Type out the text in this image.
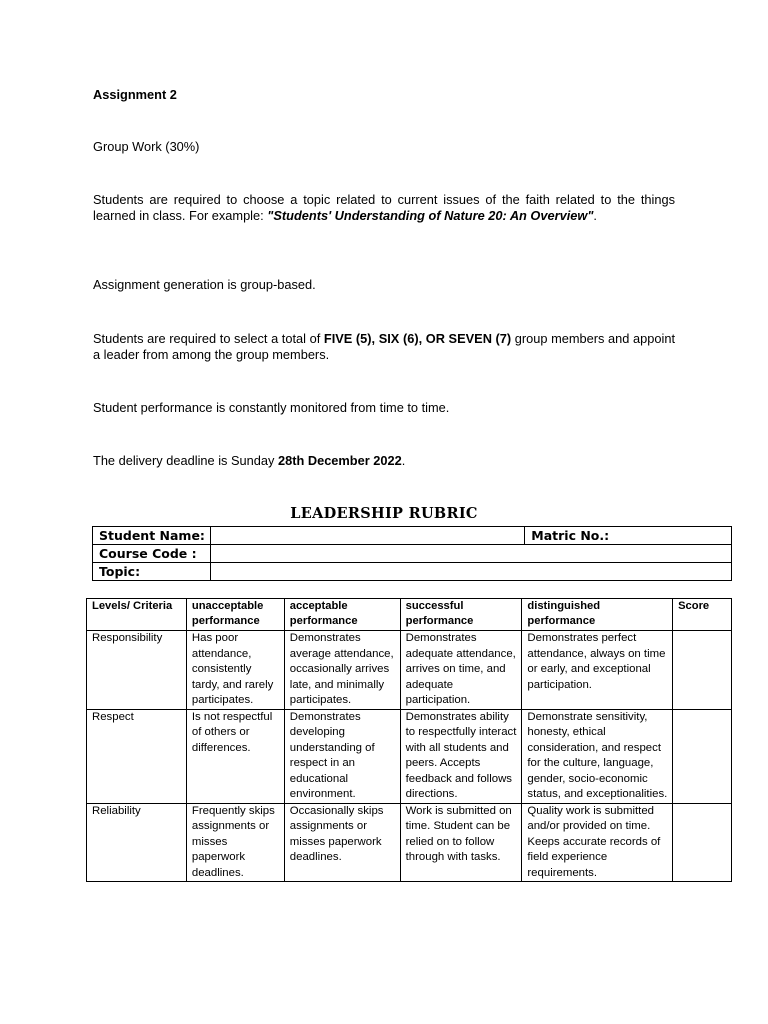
Assignment 2

Group Work (30%)

Students are required to choose a topic related to current issues of the faith related to the things learned in class. For example: "Students' Understanding of Nature 20: An Overview".

Assignment generation is group-based.

Students are required to select a total of FIVE (5), SIX (6), OR SEVEN (7) group members and appoint a leader from among the group members.

Student performance is constantly monitored from time to time.

The delivery deadline is Sunday 28th December 2022.

LEADERSHIP RUBRIC
Student Name:		Matric No.:
Course Code :		
Topic:		
Levels/ Criteria	unacceptable performance	acceptable performance	successful performance	distinguished performance	Score
Responsibility	Has poor attendance, consistently tardy, and rarely participates.	Demonstrates average attendance, occasionally arrives late, and minimally participates.	Demonstrates adequate attendance, arrives on time, and adequate participation.	Demonstrates perfect attendance, always on time or early, and exceptional participation.	
Respect	Is not respectful of others or differences.	Demonstrates developing understanding of respect in an educational environment.	Demonstrates ability to respectfully interact with all students and peers. Accepts feedback and follows directions.	Demonstrate sensitivity, honesty, ethical consideration, and respect for the culture, language, gender, socio-economic status, and exceptionalities.	
Reliability	Frequently skips assignments or misses paperwork deadlines.	Occasionally skips assignments or misses paperwork deadlines.	Work is submitted on time. Student can be relied on to follow through with tasks.	Quality work is submitted and/or provided on time. Keeps accurate records of field experience requirements.	
